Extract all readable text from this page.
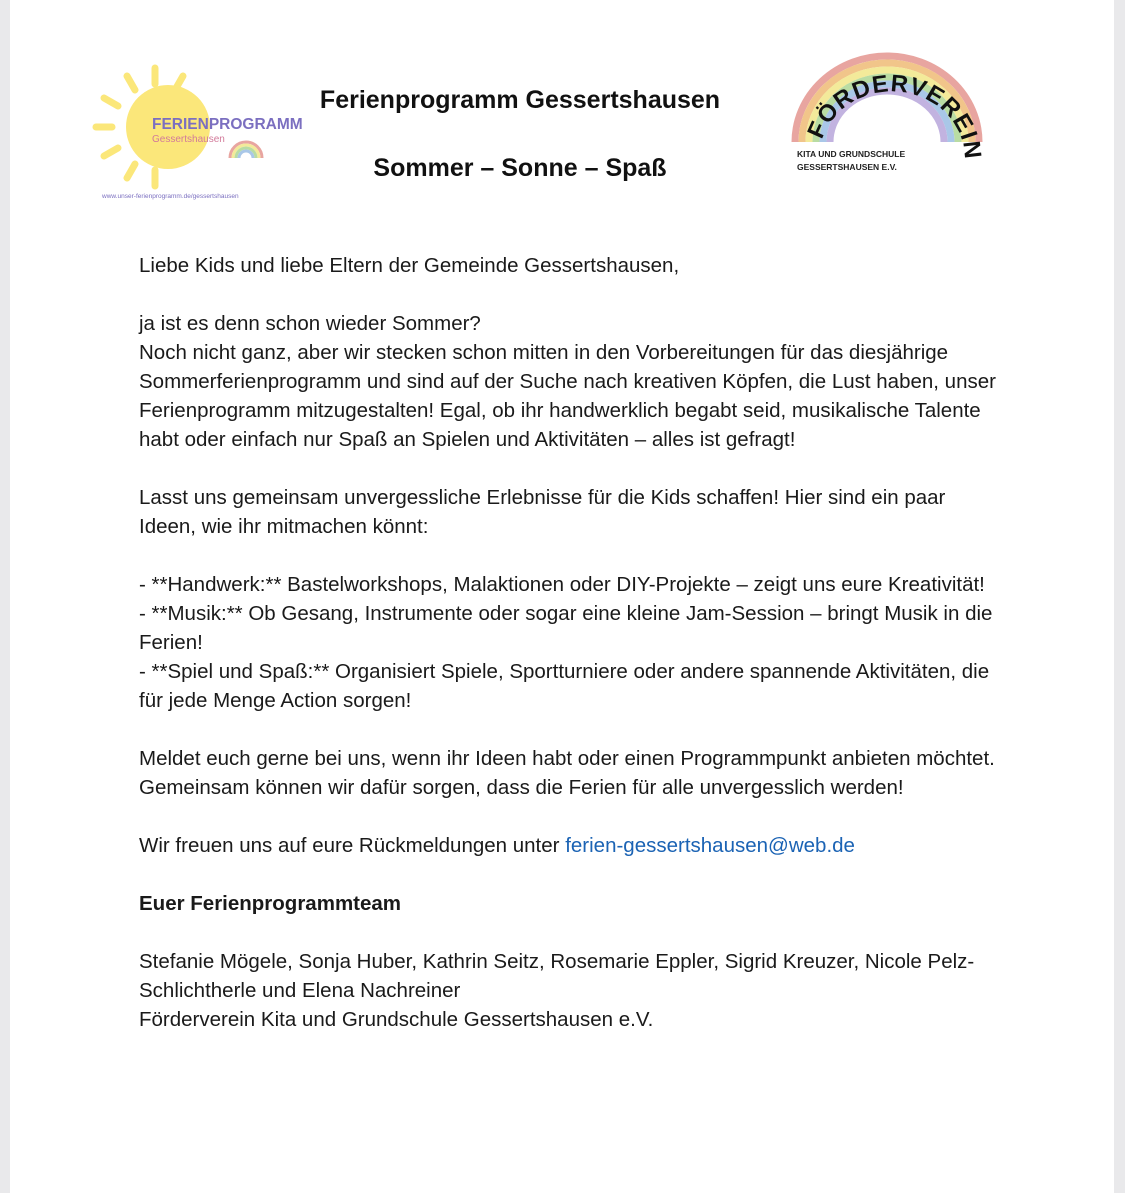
FERIENPROGRAMM
Gessertshausen
www.unser-ferienprogramm.de/gessertshausen
Ferienprogramm Gessertshausen
Sommer – Sonne – Spaß
FÖRDERVEREIN
KITA UND GRUNDSCHULE
GESSERTSHAUSEN E.V.

Liebe Kids und liebe Eltern der Gemeinde Gessertshausen,

ja ist es denn schon wieder Sommer?

Noch nicht ganz, aber wir stecken schon mitten in den Vorbereitungen für das diesjährige Sommerferienprogramm und sind auf der Suche nach kreativen Köpfen, die Lust haben, unser Ferienprogramm mitzugestalten! Egal, ob ihr handwerklich begabt seid, musikalische Talente habt oder einfach nur Spaß an Spielen und Aktivitäten – alles ist gefragt!

Lasst uns gemeinsam unvergessliche Erlebnisse für die Kids schaffen! Hier sind ein paar Ideen, wie ihr mitmachen könnt:

- **Handwerk:** Bastelworkshops, Malaktionen oder DIY-Projekte – zeigt uns eure Kreativität!

- **Musik:** Ob Gesang, Instrumente oder sogar eine kleine Jam-Session – bringt Musik in die Ferien!

- **Spiel und Spaß:** Organisiert Spiele, Sportturniere oder andere spannende Aktivitäten, die für jede Menge Action sorgen!

Meldet euch gerne bei uns, wenn ihr Ideen habt oder einen Programmpunkt anbieten möchtet. Gemeinsam können wir dafür sorgen, dass die Ferien für alle unvergesslich werden!

Wir freuen uns auf eure Rückmeldungen unter ferien-gessertshausen@web.de

Euer Ferienprogrammteam

Stefanie Mögele, Sonja Huber, Kathrin Seitz, Rosemarie Eppler, Sigrid Kreuzer, Nicole Pelz-Schlichtherle und Elena Nachreiner

Förderverein Kita und Grundschule Gessertshausen e.V.
